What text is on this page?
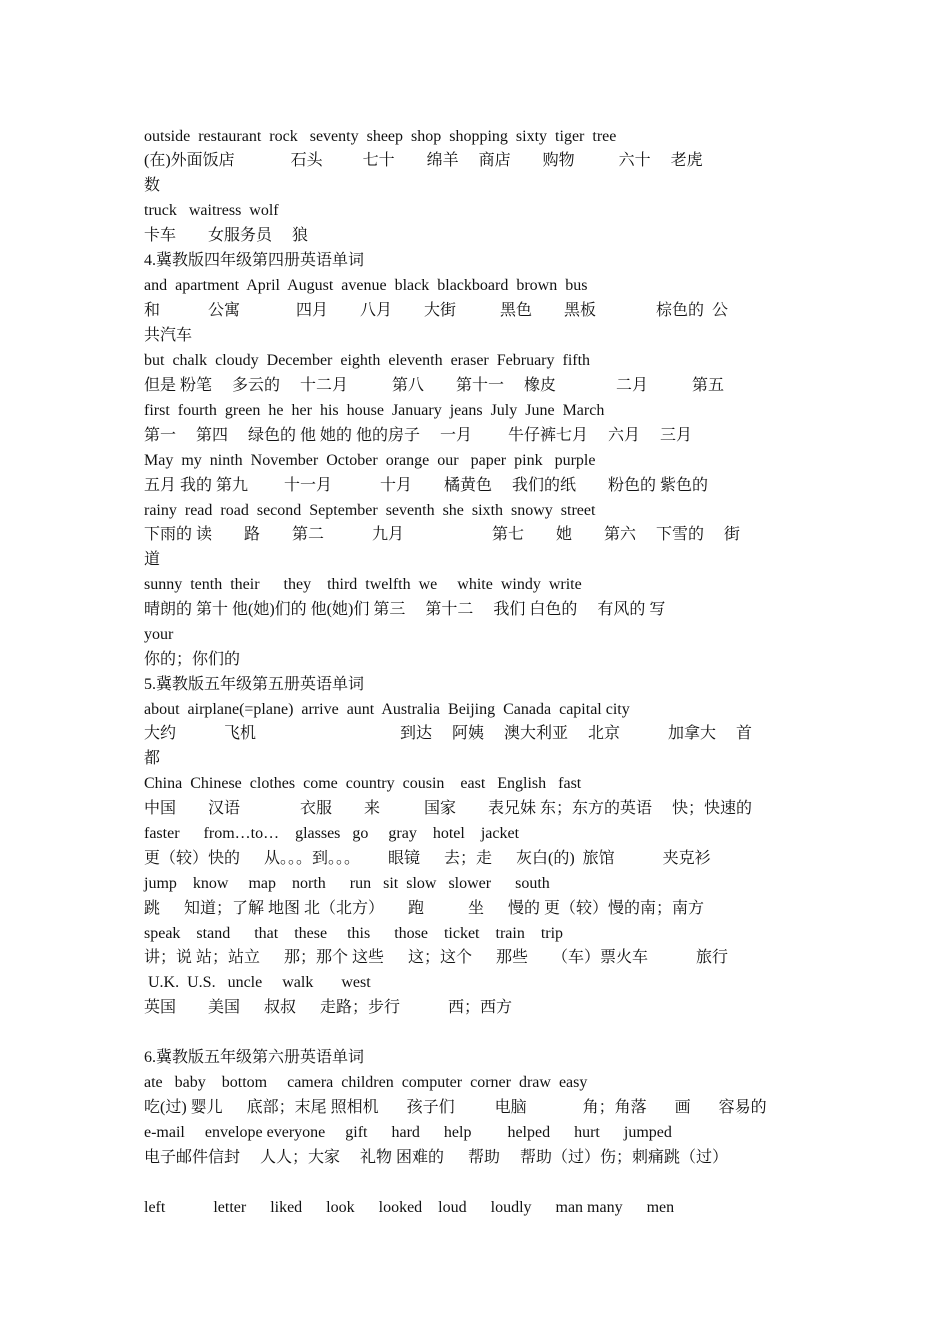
outside  restaurant  rock   seventy  sheep  shop  shopping  sixty  tiger  tree
(在)外面饭店              石头          七十        绵羊     商店        购物           六十     老虎
数
truck   waitress  wolf
卡车        女服务员     狼
4.冀教版四年级第四册英语单词
and  apartment  April  August  avenue  black  blackboard  brown  bus
和            公寓              四月        八月        大街           黑色        黑板               棕色的  公
共汽车
but  chalk  cloudy  December  eighth  eleventh  eraser  February  fifth
但是 粉笔     多云的     十二月           第八        第十一     橡皮               二月           第五
first  fourth  green  he  her  his  house  January  jeans  July  June  March
第一     第四     绿色的 他 她的 他的房子     一月         牛仔裤七月     六月     三月
May  my  ninth  November  October  orange  our   paper  pink   purple
五月 我的 第九         十一月            十月        橘黄色     我们的纸        粉色的 紫色的
rainy  read  road  second  September  seventh  she  sixth  snowy  street
下雨的 读        路        第二            九月                      第七        她        第六     下雪的     街
道
sunny  tenth  their      they    third  twelfth  we     white  windy  write
晴朗的 第十 他(她)们的 他(她)们 第三     第十二     我们 白色的     有风的 写
your
你的；你们的
5.冀教版五年级第五册英语单词
about  airplane(=plane)  arrive  aunt  Australia  Beijing  Canada  capital city
大约            飞机                                    到达     阿姨     澳大利亚     北京            加拿大     首
都
China  Chinese  clothes  come  country  cousin    east   English   fast
中国        汉语               衣服        来           国家        表兄妹 东；东方的英语     快；快速的
faster      from…to…    glasses   go     gray    hotel    jacket
更（较）快的      从。。。到。。。       眼镜      去；走      灰白(的)  旅馆            夹克衫
jump    know     map    north      run   sit  slow   slower      south
跳      知道；了解 地图 北（北方）      跑           坐      慢的 更（较）慢的南；南方
speak    stand      that    these     this      those    ticket    train    trip
讲；说 站；站立      那；那个 这些      这；这个      那些      （车）票火车            旅行
U.K.  U.S.   uncle     walk       west
英国        美国      叔叔      走路；步行            西；西方
6.冀教版五年级第六册英语单词
ate   baby    bottom     camera  children  computer  corner  draw  easy
吃(过) 婴儿      底部；末尾 照相机       孩子们          电脑              角；角落       画       容易的
e-mail     envelope everyone     gift      hard      help         helped      hurt      jumped
电子邮件信封     人人；大家     礼物 困难的      帮助     帮助（过）伤；刺痛跳（过）
left            letter      liked      look      looked    loud      loudly      man many      men
